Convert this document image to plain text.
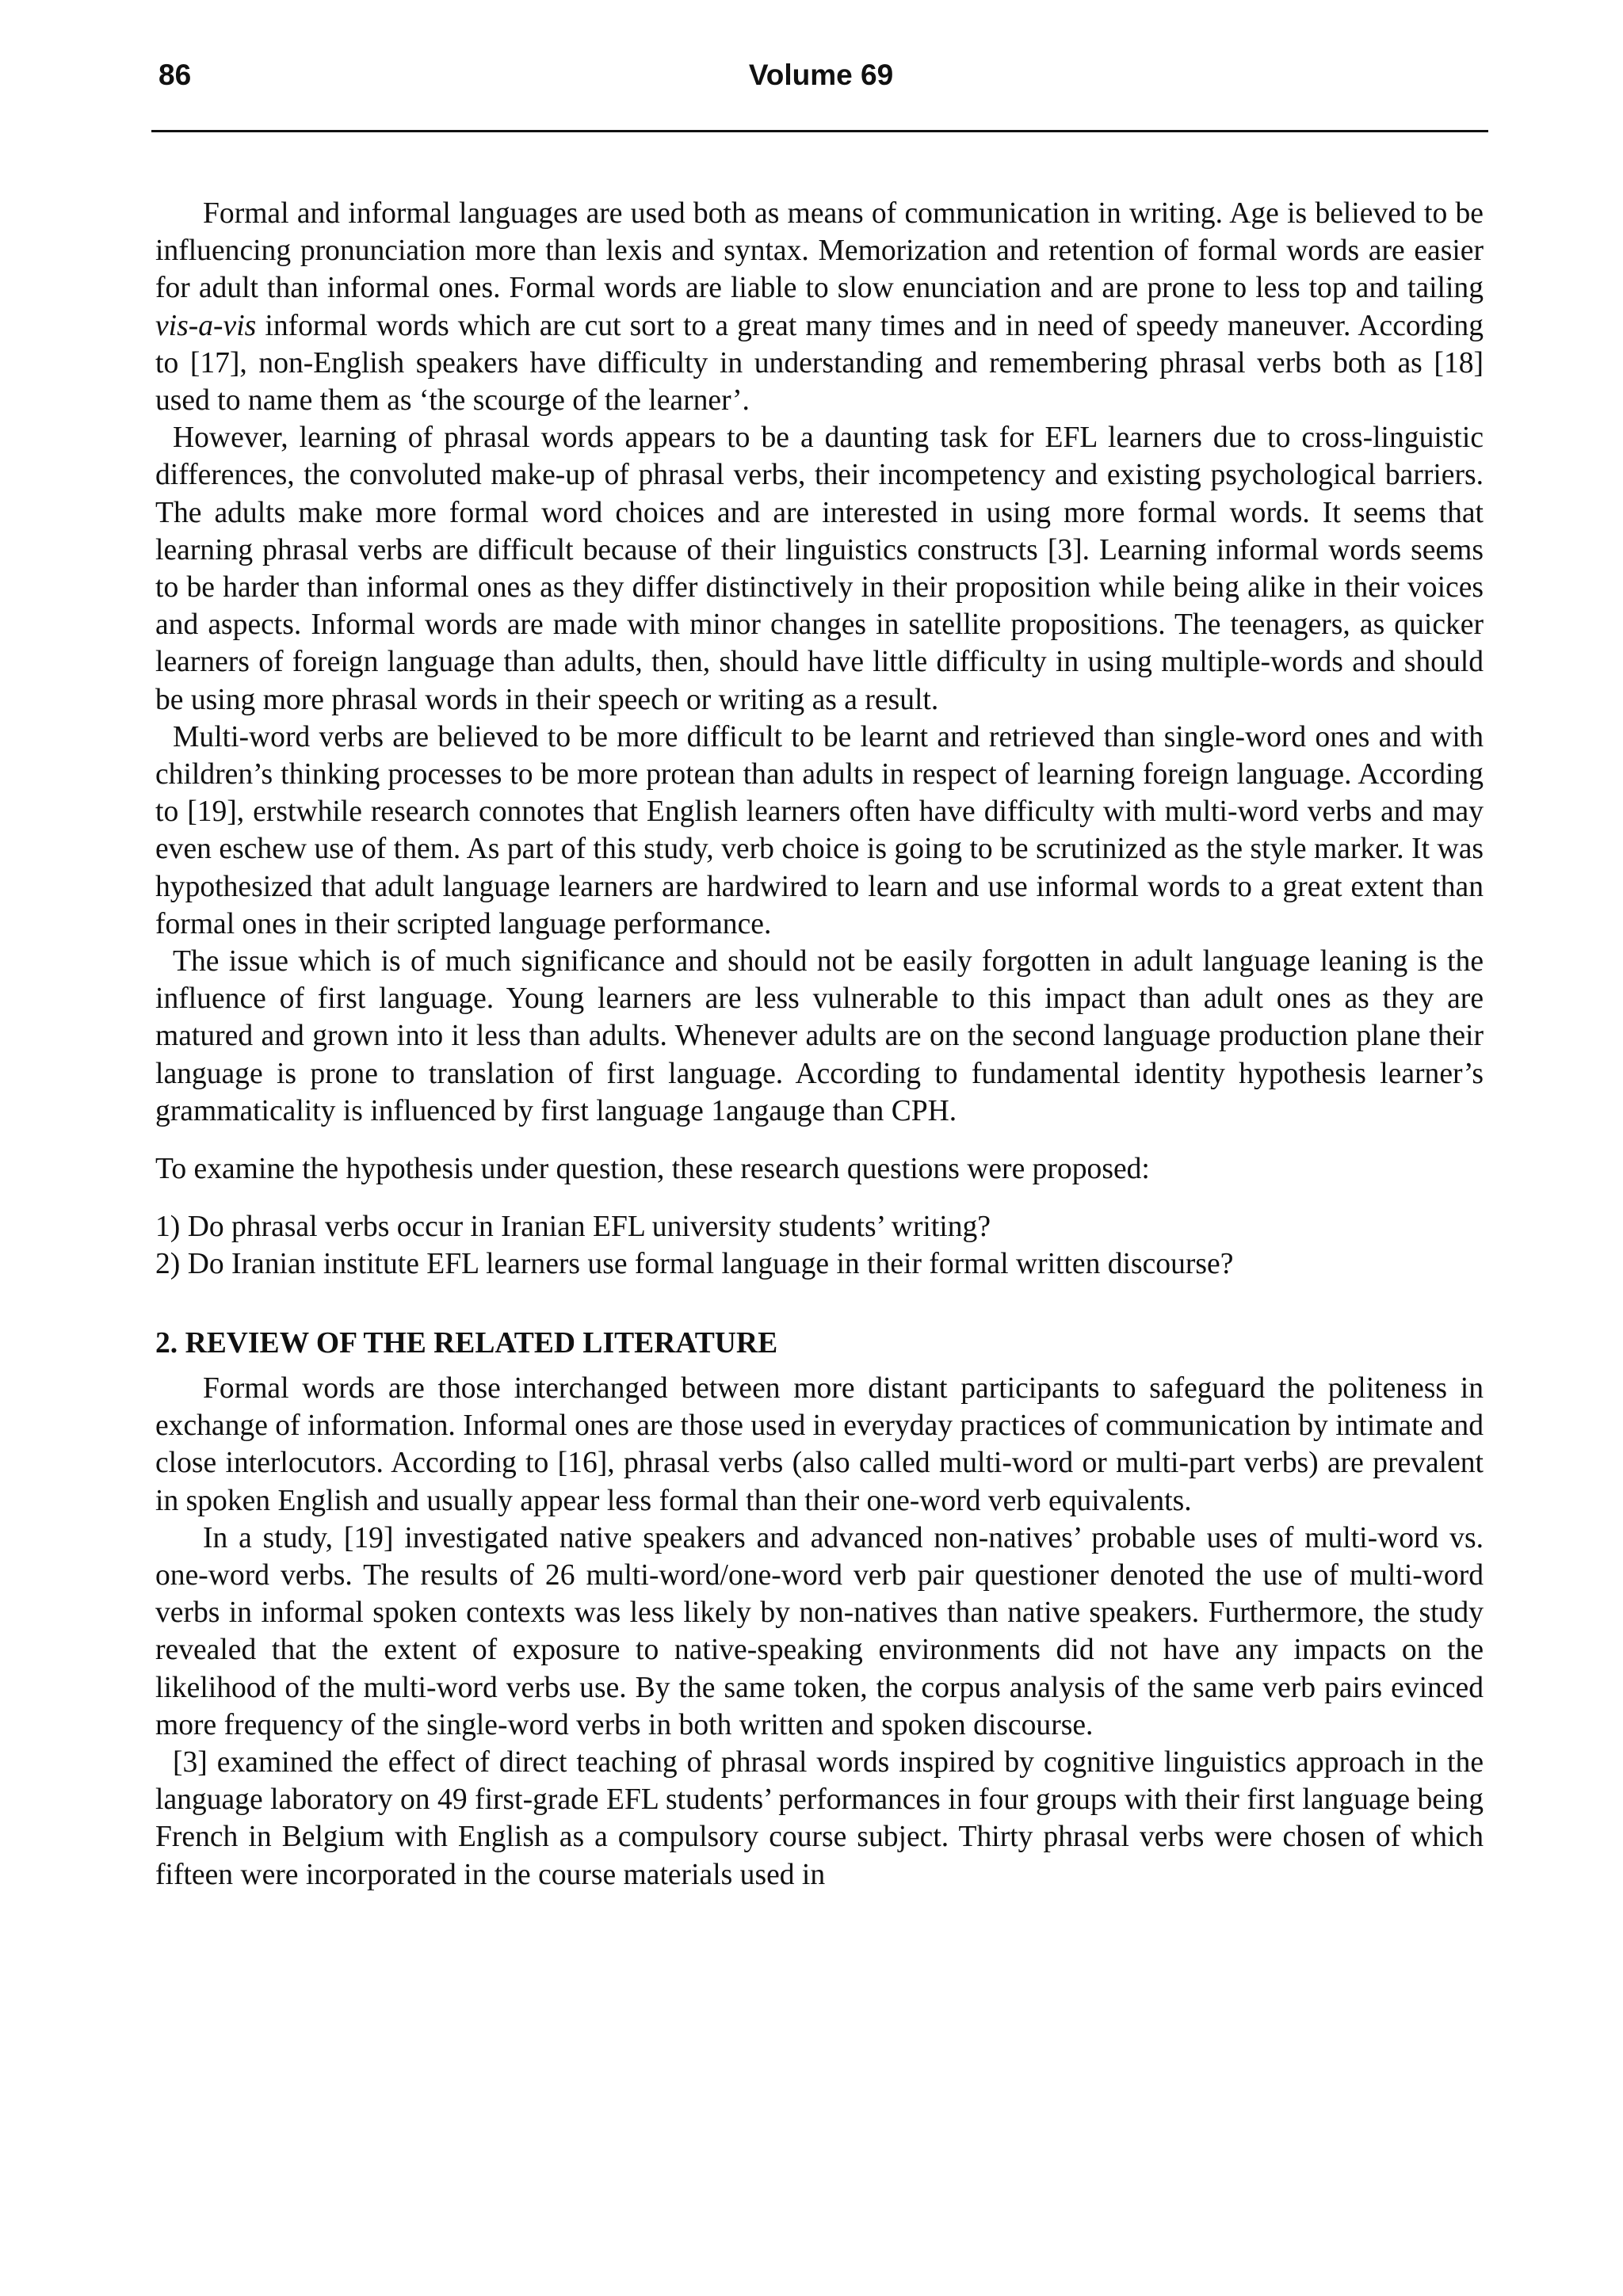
86	Volume 69

Formal and informal languages are used both as means of communication in writing. Age is believed to be influencing pronunciation more than lexis and syntax. Memorization and retention of formal words are easier for adult than informal ones. Formal words are liable to slow enunciation and are prone to less top and tailing vis-a-vis informal words which are cut sort to a great many times and in need of speedy maneuver. According to [17], non-English speakers have difficulty in understanding and remembering phrasal verbs both as [18] used to name them as ‘the scourge of the learner’.

However, learning of phrasal words appears to be a daunting task for EFL learners due to cross-linguistic differences, the convoluted make-up of phrasal verbs, their incompetency and existing psychological barriers. The adults make more formal word choices and are interested in using more formal words. It seems that learning phrasal verbs are difficult because of their linguistics constructs [3]. Learning informal words seems to be harder than informal ones as they differ distinctively in their proposition while being alike in their voices and aspects. Informal words are made with minor changes in satellite propositions. The teenagers, as quicker learners of foreign language than adults, then, should have little difficulty in using multiple-words and should be using more phrasal words in their speech or writing as a result.

Multi-word verbs are believed to be more difficult to be learnt and retrieved than single-word ones and with children’s thinking processes to be more protean than adults in respect of learning foreign language. According to [19], erstwhile research connotes that English learners often have difficulty with multi-word verbs and may even eschew use of them. As part of this study, verb choice is going to be scrutinized as the style marker. It was hypothesized that adult language learners are hardwired to learn and use informal words to a great extent than formal ones in their scripted language performance.

The issue which is of much significance and should not be easily forgotten in adult language leaning is the influence of first language. Young learners are less vulnerable to this impact than adult ones as they are matured and grown into it less than adults. Whenever adults are on the second language production plane their language is prone to translation of first language. According to fundamental identity hypothesis learner’s grammaticality is influenced by first language 1angauge than CPH.

To examine the hypothesis under question, these research questions were proposed:

1) Do phrasal verbs occur in Iranian EFL university students’ writing?

2) Do Iranian institute EFL learners use formal language in their formal written discourse?

2. REVIEW OF THE RELATED LITERATURE

Formal words are those interchanged between more distant participants to safeguard the politeness in exchange of information. Informal ones are those used in everyday practices of communication by intimate and close interlocutors. According to [16], phrasal verbs (also called multi-word or multi-part verbs) are prevalent in spoken English and usually appear less formal than their one-word verb equivalents.

In a study, [19] investigated native speakers and advanced non-natives’ probable uses of multi-word vs. one-word verbs. The results of 26 multi-word/one-word verb pair questioner denoted the use of multi-word verbs in informal spoken contexts was less likely by non-natives than native speakers. Furthermore, the study revealed that the extent of exposure to native-speaking environments did not have any impacts on the likelihood of the multi-word verbs use. By the same token, the corpus analysis of the same verb pairs evinced more frequency of the single-word verbs in both written and spoken discourse.

[3] examined the effect of direct teaching of phrasal words inspired by cognitive linguistics approach in the language laboratory on 49 first-grade EFL students’ performances in four groups with their first language being French in Belgium with English as a compulsory course subject. Thirty phrasal verbs were chosen of which fifteen were incorporated in the course materials used in
